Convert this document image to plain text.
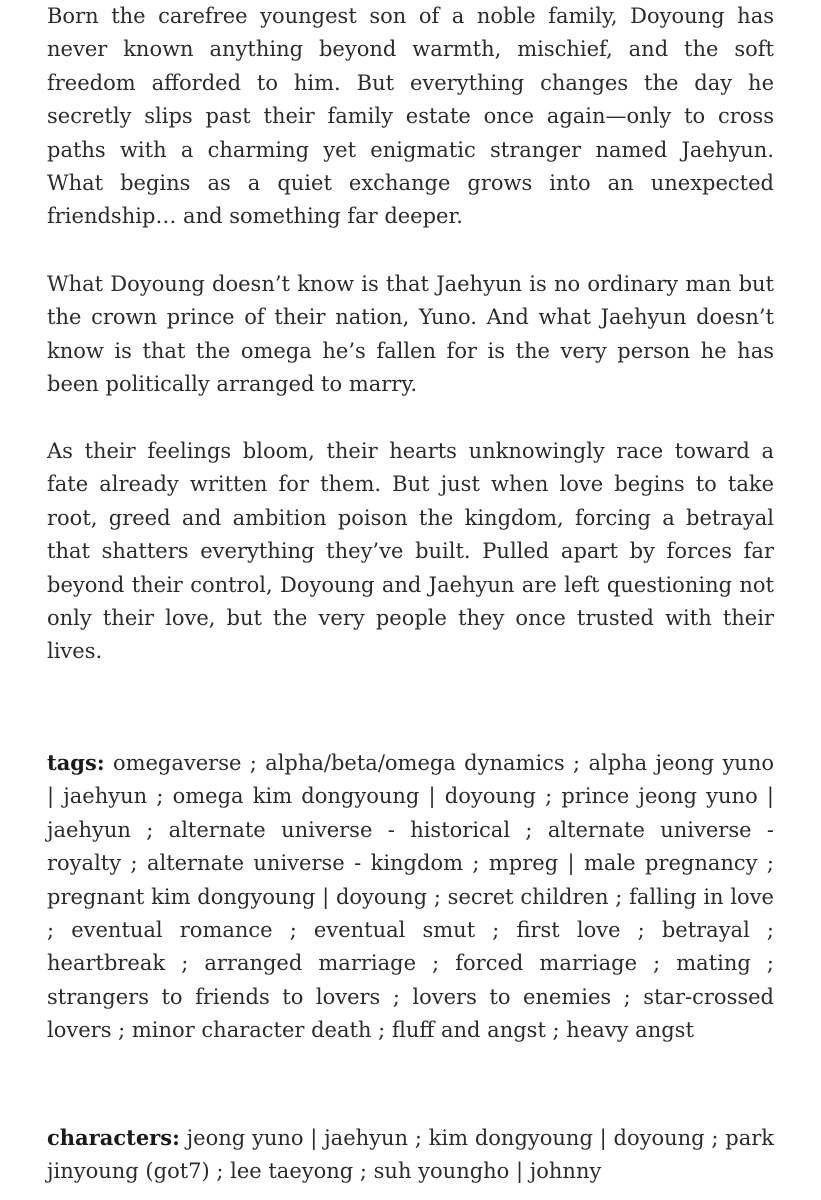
Born the carefree youngest son of a noble family, Doyoung has never known anything beyond warmth, mischief, and the soft freedom afforded to him. But everything changes the day he secretly slips past their family estate once again—only to cross paths with a charming yet enigmatic stranger named Jaehyun. What begins as a quiet exchange grows into an unexpected friendship… and something far deeper.

What Doyoung doesn’t know is that Jaehyun is no ordinary man but the crown prince of their nation, Yuno. And what Jaehyun doesn’t know is that the omega he’s fallen for is the very person he has been politically arranged to marry.

As their feelings bloom, their hearts unknowingly race toward a fate already written for them. But just when love begins to take root, greed and ambition poison the kingdom, forcing a betrayal that shatters everything they’ve built. Pulled apart by forces far beyond their control, Doyoung and Jaehyun are left questioning not only their love, but the very people they once trusted with their lives.

tags: omegaverse ; alpha/beta/omega dynamics ; alpha jeong yuno | jaehyun ; omega kim dongyoung | doyoung ; prince jeong yuno | jaehyun ; alternate universe - historical ; alternate universe - royalty ; alternate universe - kingdom ; mpreg | male pregnancy ; pregnant kim dongyoung | doyoung ; secret children ; falling in love ; eventual romance ; eventual smut ; first love ; betrayal ; heartbreak ; arranged marriage ; forced marriage ; mating ; strangers to friends to lovers ; lovers to enemies ; star-crossed lovers ; minor character death ; fluff and angst ; heavy angst

characters: jeong yuno | jaehyun ; kim dongyoung | doyoung ; park jinyoung (got7) ; lee taeyong ; suh youngho | johnny
